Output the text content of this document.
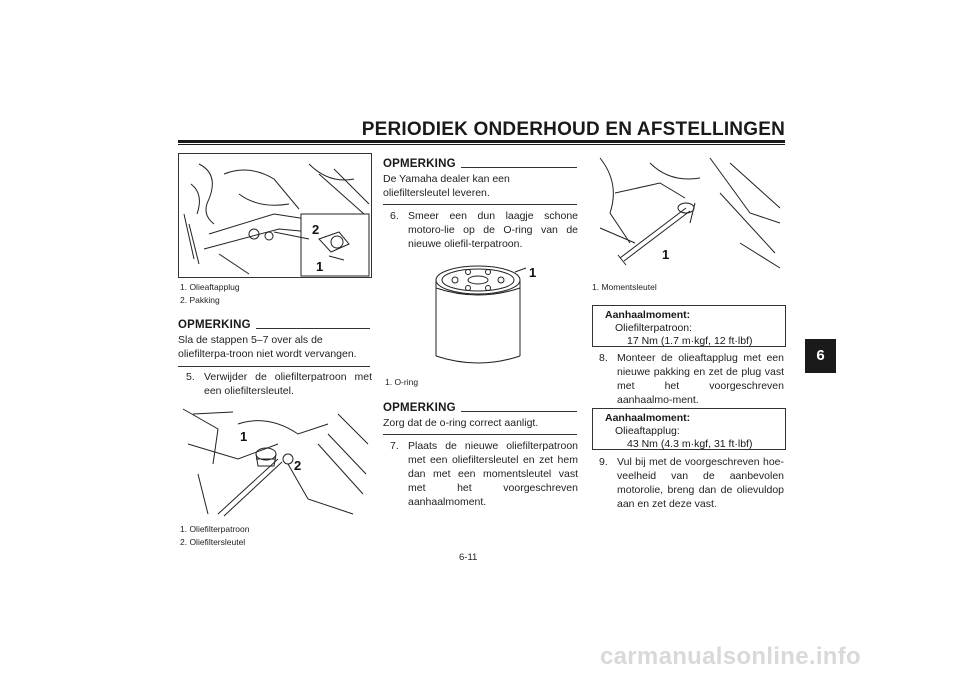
PERIODIEK ONDERHOUD EN AFSTELLINGEN
6
2
1
1. Olieaftapplug
2. Pakking
OPMERKING
Sla de stappen 5–7 over als de oliefilterpa-troon niet wordt vervangen.
5. Verwijder de oliefilterpatroon met een oliefiltersleutel.
1
2
1. Oliefilterpatroon
2. Oliefiltersleutel
OPMERKING
De Yamaha dealer kan een oliefiltersleutel leveren.
6. Smeer een dun laagje schone motoro-lie op de O-ring van de nieuwe oliefil-terpatroon.
1
1. O-ring
OPMERKING
Zorg dat de o-ring correct aanligt.
7. Plaats de nieuwe oliefilterpatroon met een oliefiltersleutel en zet hem dan met een momentsleutel vast met het voorgeschreven aanhaalmoment.
1
1. Momentsleutel
Aanhaalmoment:
Oliefilterpatroon:
17 Nm (1.7 m·kgf, 12 ft·lbf)
8. Monteer de olieaftapplug met een nieuwe pakking en zet de plug vast met het voorgeschreven aanhaalmo-ment.
Aanhaalmoment:
Olieaftapplug:
43 Nm (4.3 m·kgf, 31 ft·lbf)
9. Vul bij met de voorgeschreven hoe-veelheid van de aanbevolen motorolie, breng dan de olievuldop aan en zet deze vast.
6-11
carmanualsonline.info
